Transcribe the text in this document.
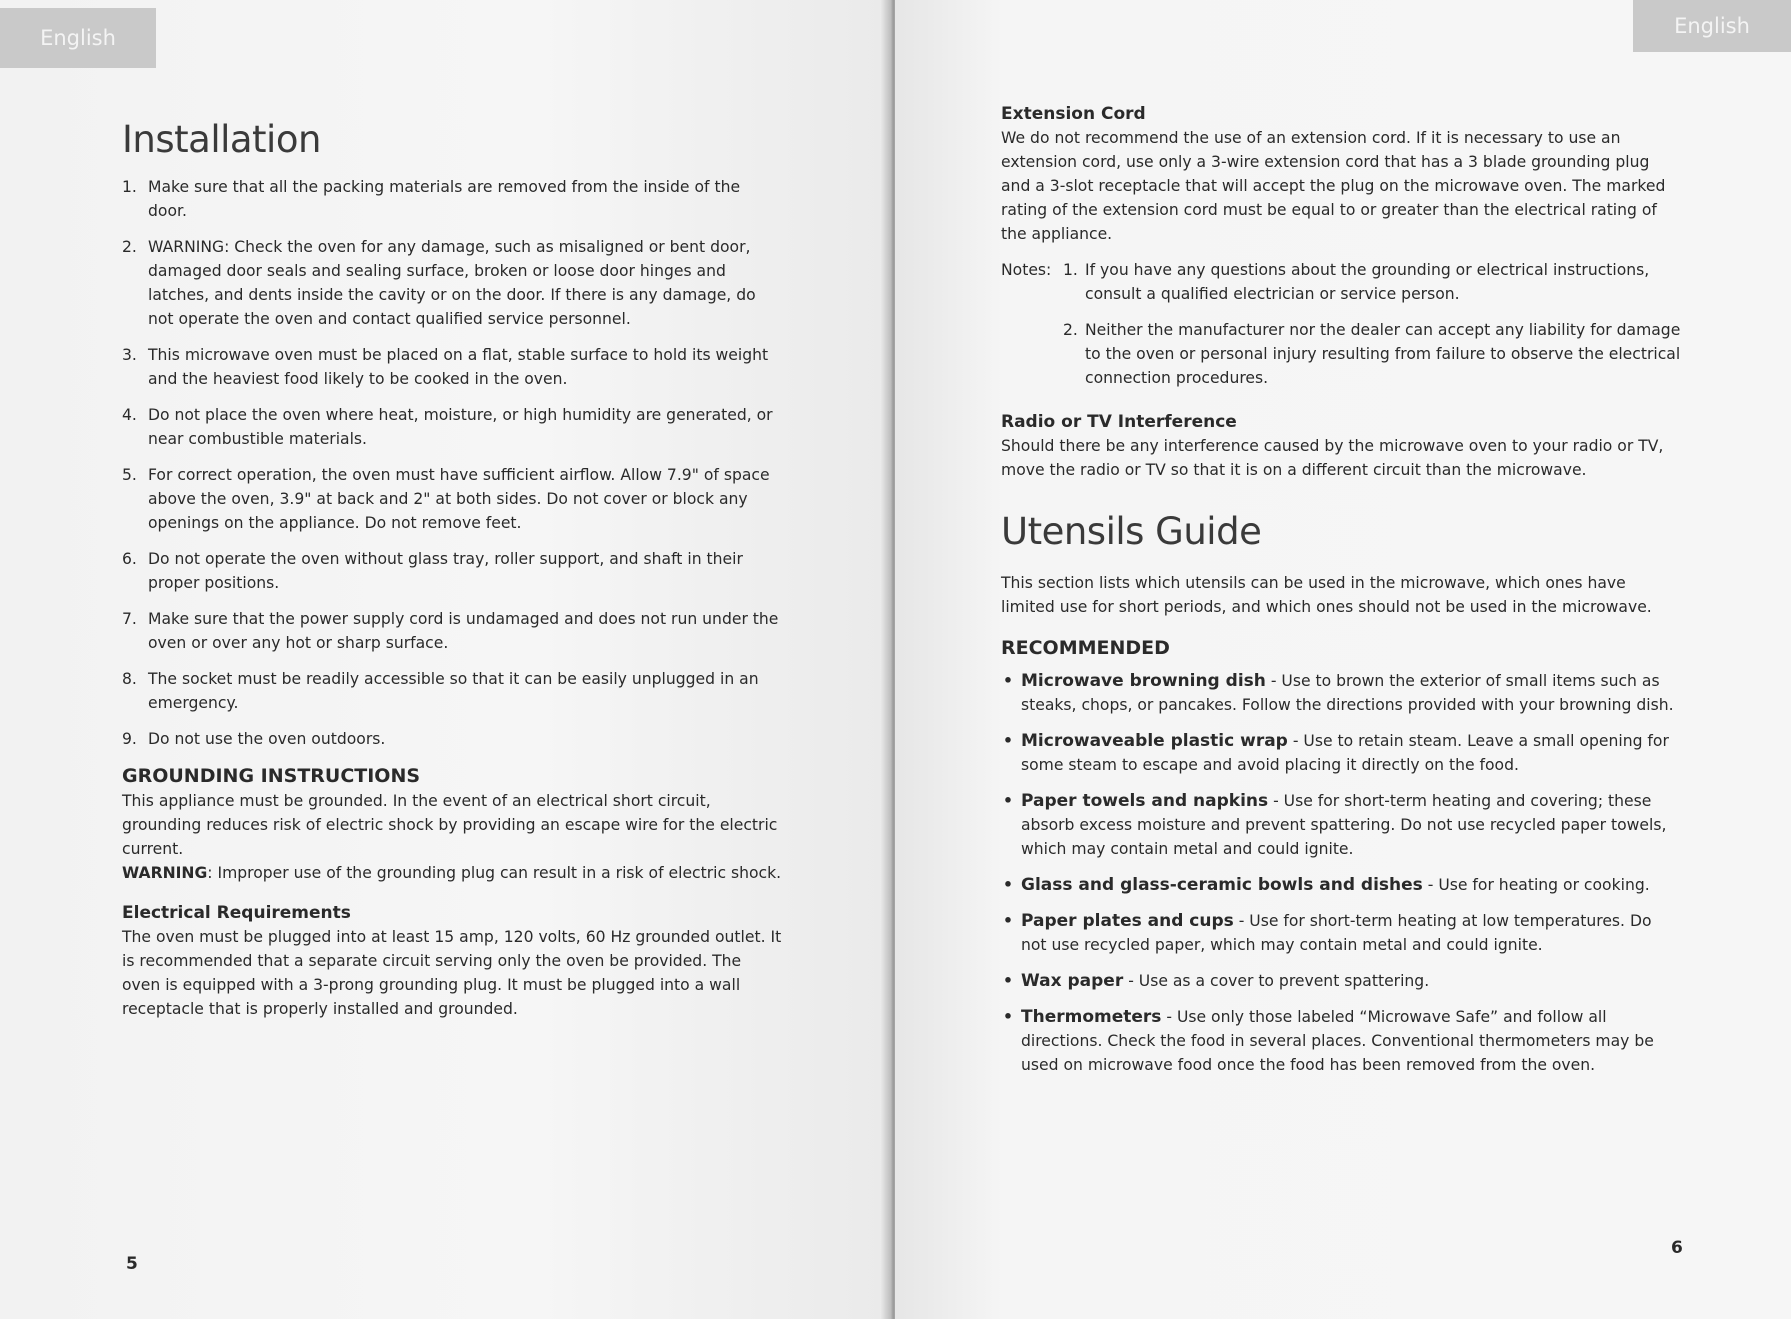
English
Installation
1. Make sure that all the packing materials are removed from the inside of the door.
2. WARNING: Check the oven for any damage, such as misaligned or bent door, damaged door seals and sealing surface, broken or loose door hinges and latches, and dents inside the cavity or on the door. If there is any damage, do not operate the oven and contact qualified service personnel.
3. This microwave oven must be placed on a flat, stable surface to hold its weight and the heaviest food likely to be cooked in the oven.
4. Do not place the oven where heat, moisture, or high humidity are generated, or near combustible materials.
5. For correct operation, the oven must have sufficient airflow. Allow 7.9" of space above the oven, 3.9" at back and 2" at both sides. Do not cover or block any openings on the appliance. Do not remove feet.
6. Do not operate the oven without glass tray, roller support, and shaft in their proper positions.
7. Make sure that the power supply cord is undamaged and does not run under the oven or over any hot or sharp surface.
8. The socket must be readily accessible so that it can be easily unplugged in an emergency.
9. Do not use the oven outdoors.
GROUNDING INSTRUCTIONS

This appliance must be grounded. In the event of an electrical short circuit, grounding reduces risk of electric shock by providing an escape wire for the electric current.

WARNING: Improper use of the grounding plug can result in a risk of electric shock.

Electrical Requirements

The oven must be plugged into at least 15 amp, 120 volts, 60 Hz grounded outlet. It is recommended that a separate circuit serving only the oven be provided. The oven is equipped with a 3-prong grounding plug. It must be plugged into a wall receptacle that is properly installed and grounded.

5
English
Extension Cord

We do not recommend the use of an extension cord. If it is necessary to use an extension cord, use only a 3-wire extension cord that has a 3 blade grounding plug and a 3-slot receptacle that will accept the plug on the microwave oven. The marked rating of the extension cord must be equal to or greater than the electrical rating of the appliance.

Notes: 1. If you have any questions about the grounding or electrical instructions, consult a qualified electrician or service person.
2. Neither the manufacturer nor the dealer can accept any liability for damage to the oven or personal injury resulting from failure to observe the electrical connection procedures.
Radio or TV Interference

Should there be any interference caused by the microwave oven to your radio or TV, move the radio or TV so that it is on a different circuit than the microwave.

Utensils Guide

This section lists which utensils can be used in the microwave, which ones have limited use for short periods, and which ones should not be used in the microwave.

RECOMMENDED
• Microwave browning dish - Use to brown the exterior of small items such as steaks, chops, or pancakes. Follow the directions provided with your browning dish.
• Microwaveable plastic wrap - Use to retain steam. Leave a small opening for some steam to escape and avoid placing it directly on the food.
• Paper towels and napkins - Use for short-term heating and covering; these absorb excess moisture and prevent spattering. Do not use recycled paper towels, which may contain metal and could ignite.
• Glass and glass-ceramic bowls and dishes - Use for heating or cooking.
• Paper plates and cups - Use for short-term heating at low temperatures. Do not use recycled paper, which may contain metal and could ignite.
• Wax paper - Use as a cover to prevent spattering.
• Thermometers - Use only those labeled “Microwave Safe” and follow all directions. Check the food in several places. Conventional thermometers may be used on microwave food once the food has been removed from the oven.
6
